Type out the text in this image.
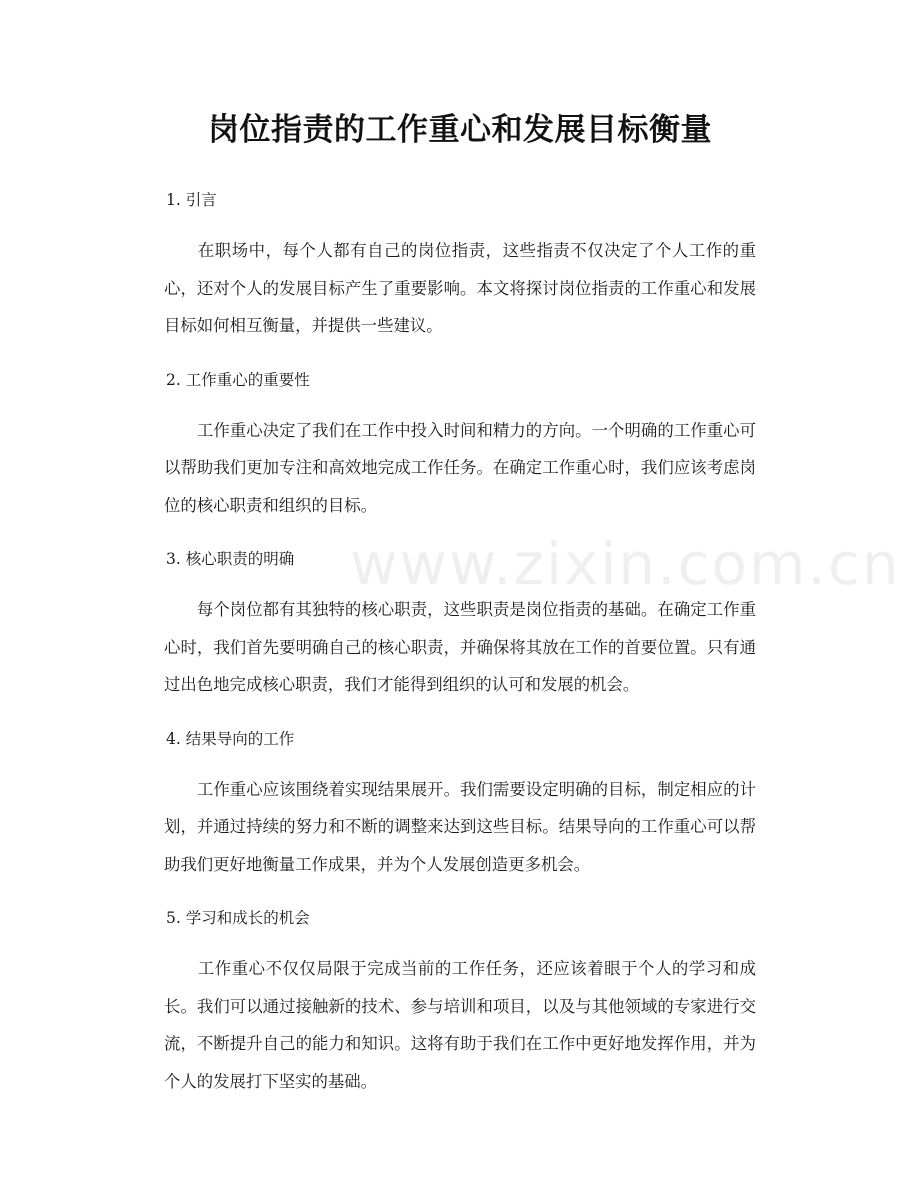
岗位指责的工作重心和发展目标衡量
www.zixin.com.cn
1. 引言

　　在职场中，每个人都有自己的岗位指责，这些指责不仅决定了个人工作的重心，还对个人的发展目标产生了重要影响。本文将探讨岗位指责的工作重心和发展目标如何相互衡量，并提供一些建议。

2. 工作重心的重要性

　　工作重心决定了我们在工作中投入时间和精力的方向。一个明确的工作重心可以帮助我们更加专注和高效地完成工作任务。在确定工作重心时，我们应该考虑岗位的核心职责和组织的目标。

3. 核心职责的明确

　　每个岗位都有其独特的核心职责，这些职责是岗位指责的基础。在确定工作重心时，我们首先要明确自己的核心职责，并确保将其放在工作的首要位置。只有通过出色地完成核心职责，我们才能得到组织的认可和发展的机会。

4. 结果导向的工作

　　工作重心应该围绕着实现结果展开。我们需要设定明确的目标，制定相应的计划，并通过持续的努力和不断的调整来达到这些目标。结果导向的工作重心可以帮助我们更好地衡量工作成果，并为个人发展创造更多机会。

5. 学习和成长的机会

　　工作重心不仅仅局限于完成当前的工作任务，还应该着眼于个人的学习和成长。我们可以通过接触新的技术、参与培训和项目，以及与其他领域的专家进行交流，不断提升自己的能力和知识。这将有助于我们在工作中更好地发挥作用，并为个人的发展打下坚实的基础。
